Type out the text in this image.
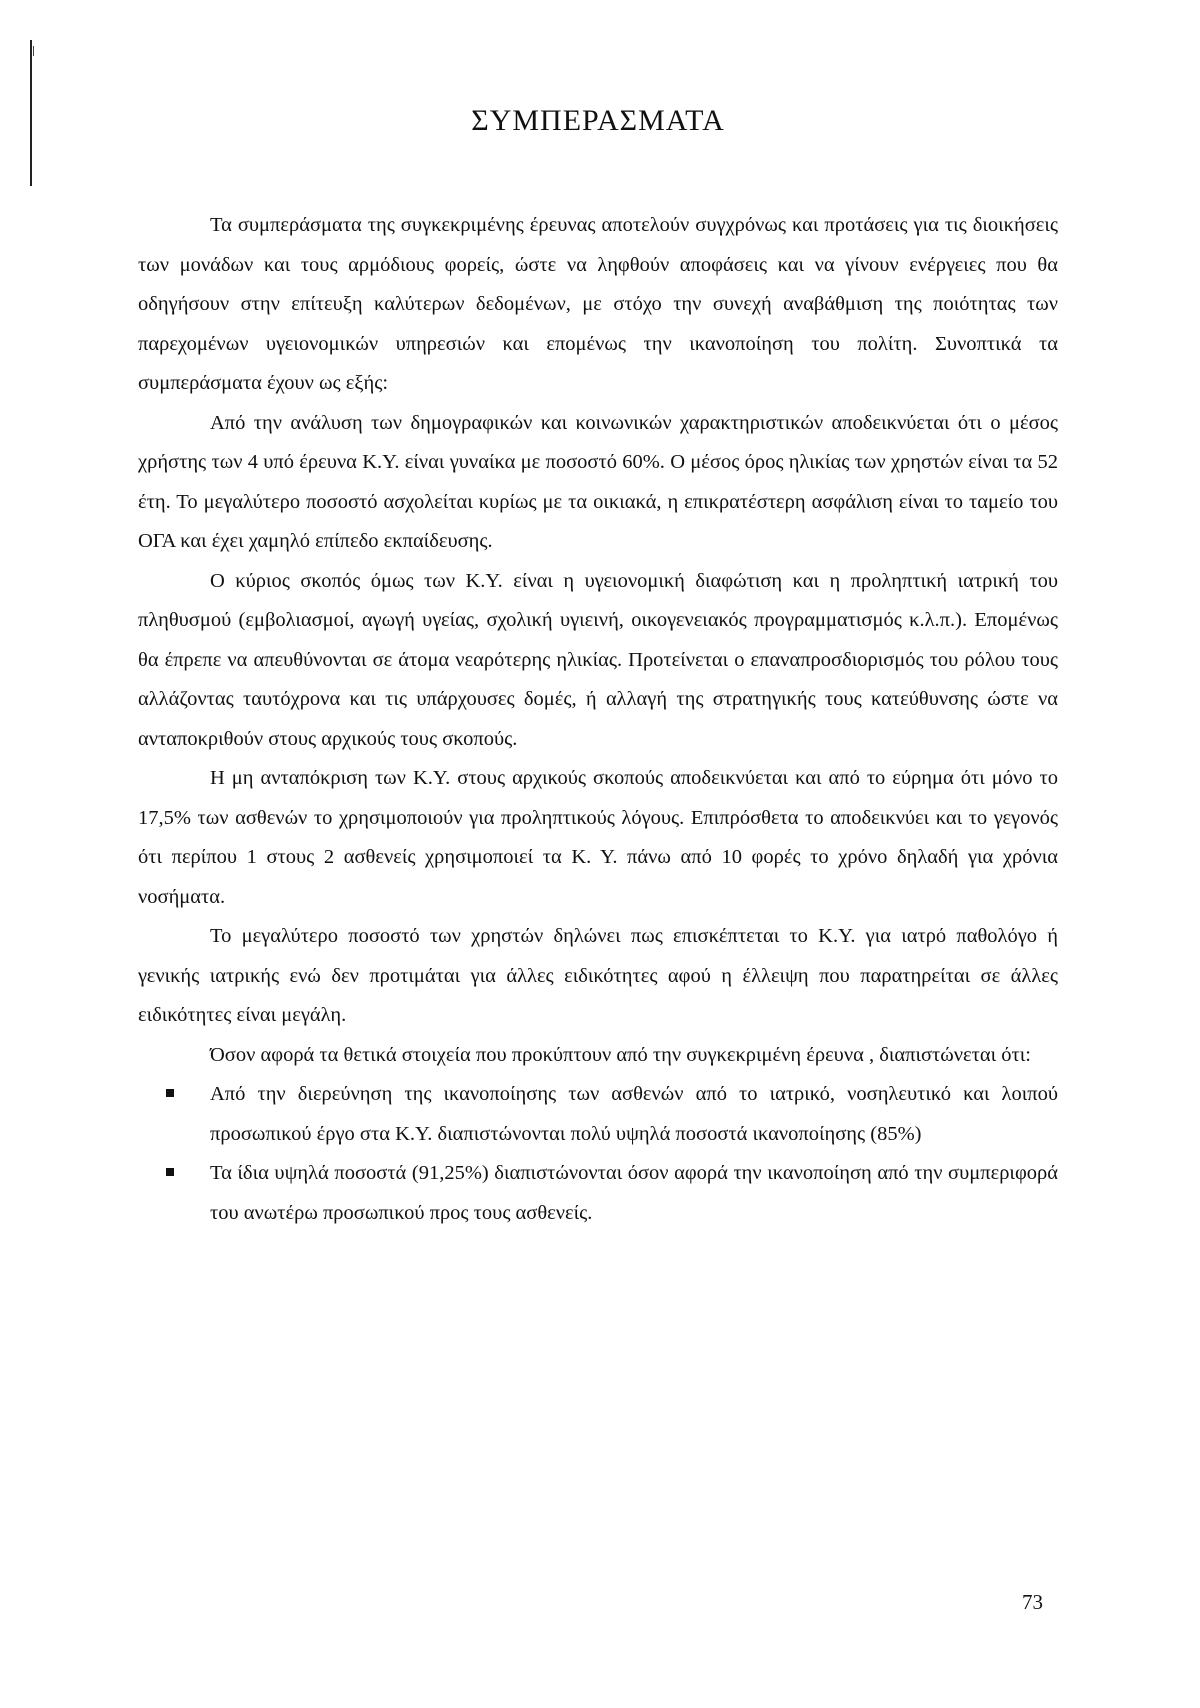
ΣΥΜΠΕΡΑΣΜΑΤΑ

Τα συμπεράσματα της συγκεκριμένης έρευνας αποτελούν συγχρόνως και προτάσεις για τις διοικήσεις των μονάδων και τους αρμόδιους φορείς, ώστε να ληφθούν αποφάσεις και να γίνουν ενέργειες που θα οδηγήσουν στην επίτευξη καλύτερων δεδομένων, με στόχο την συνεχή αναβάθμιση της ποιότητας των παρεχομένων υγειονομικών υπηρεσιών και επομένως την ικανοποίηση του πολίτη. Συνοπτικά τα συμπεράσματα έχουν ως εξής:

Από την ανάλυση των δημογραφικών και κοινωνικών χαρακτηριστικών αποδεικνύεται ότι ο μέσος χρήστης των 4 υπό έρευνα Κ.Υ. είναι γυναίκα με ποσοστό 60%. Ο μέσος όρος ηλικίας των χρηστών είναι τα 52 έτη. Το μεγαλύτερο ποσοστό ασχολείται κυρίως με τα οικιακά, η επικρατέστερη ασφάλιση είναι το ταμείο του ΟΓΑ και έχει χαμηλό επίπεδο εκπαίδευσης.

Ο κύριος σκοπός όμως των Κ.Υ. είναι η υγειονομική διαφώτιση και η προληπτική ιατρική του πληθυσμού (εμβολιασμοί, αγωγή υγείας, σχολική υγιεινή, οικογενειακός προγραμματισμός κ.λ.π.). Επομένως θα έπρεπε να απευθύνονται σε άτομα νεαρότερης ηλικίας. Προτείνεται ο επαναπροσδιορισμός του ρόλου τους αλλάζοντας ταυτόχρονα και τις υπάρχουσες δομές, ή αλλαγή της στρατηγικής τους κατεύθυνσης ώστε να ανταποκριθούν στους αρχικούς τους σκοπούς.

Η μη ανταπόκριση των Κ.Υ. στους αρχικούς σκοπούς αποδεικνύεται και από το εύρημα ότι μόνο το 17,5% των ασθενών το χρησιμοποιούν για προληπτικούς λόγους. Επιπρόσθετα το αποδεικνύει και το γεγονός ότι περίπου 1 στους 2 ασθενείς χρησιμοποιεί τα Κ. Υ. πάνω από 10 φορές το χρόνο δηλαδή για χρόνια νοσήματα.

Το μεγαλύτερο ποσοστό των χρηστών δηλώνει πως επισκέπτεται το Κ.Υ. για ιατρό παθολόγο ή γενικής ιατρικής ενώ δεν προτιμάται για άλλες ειδικότητες αφού η έλλειψη που παρατηρείται σε άλλες ειδικότητες είναι μεγάλη.

Όσον αφορά τα θετικά στοιχεία που προκύπτουν από την συγκεκριμένη έρευνα , διαπιστώνεται ότι:

Από την διερεύνηση της ικανοποίησης των ασθενών από το ιατρικό, νοσηλευτικό και λοιπού προσωπικού έργο στα Κ.Υ. διαπιστώνονται πολύ υψηλά ποσοστά ικανοποίησης (85%)
Τα ίδια υψηλά ποσοστά (91,25%) διαπιστώνονται όσον αφορά την ικανοποίηση από την συμπεριφορά του ανωτέρω προσωπικού προς τους ασθενείς.
73
